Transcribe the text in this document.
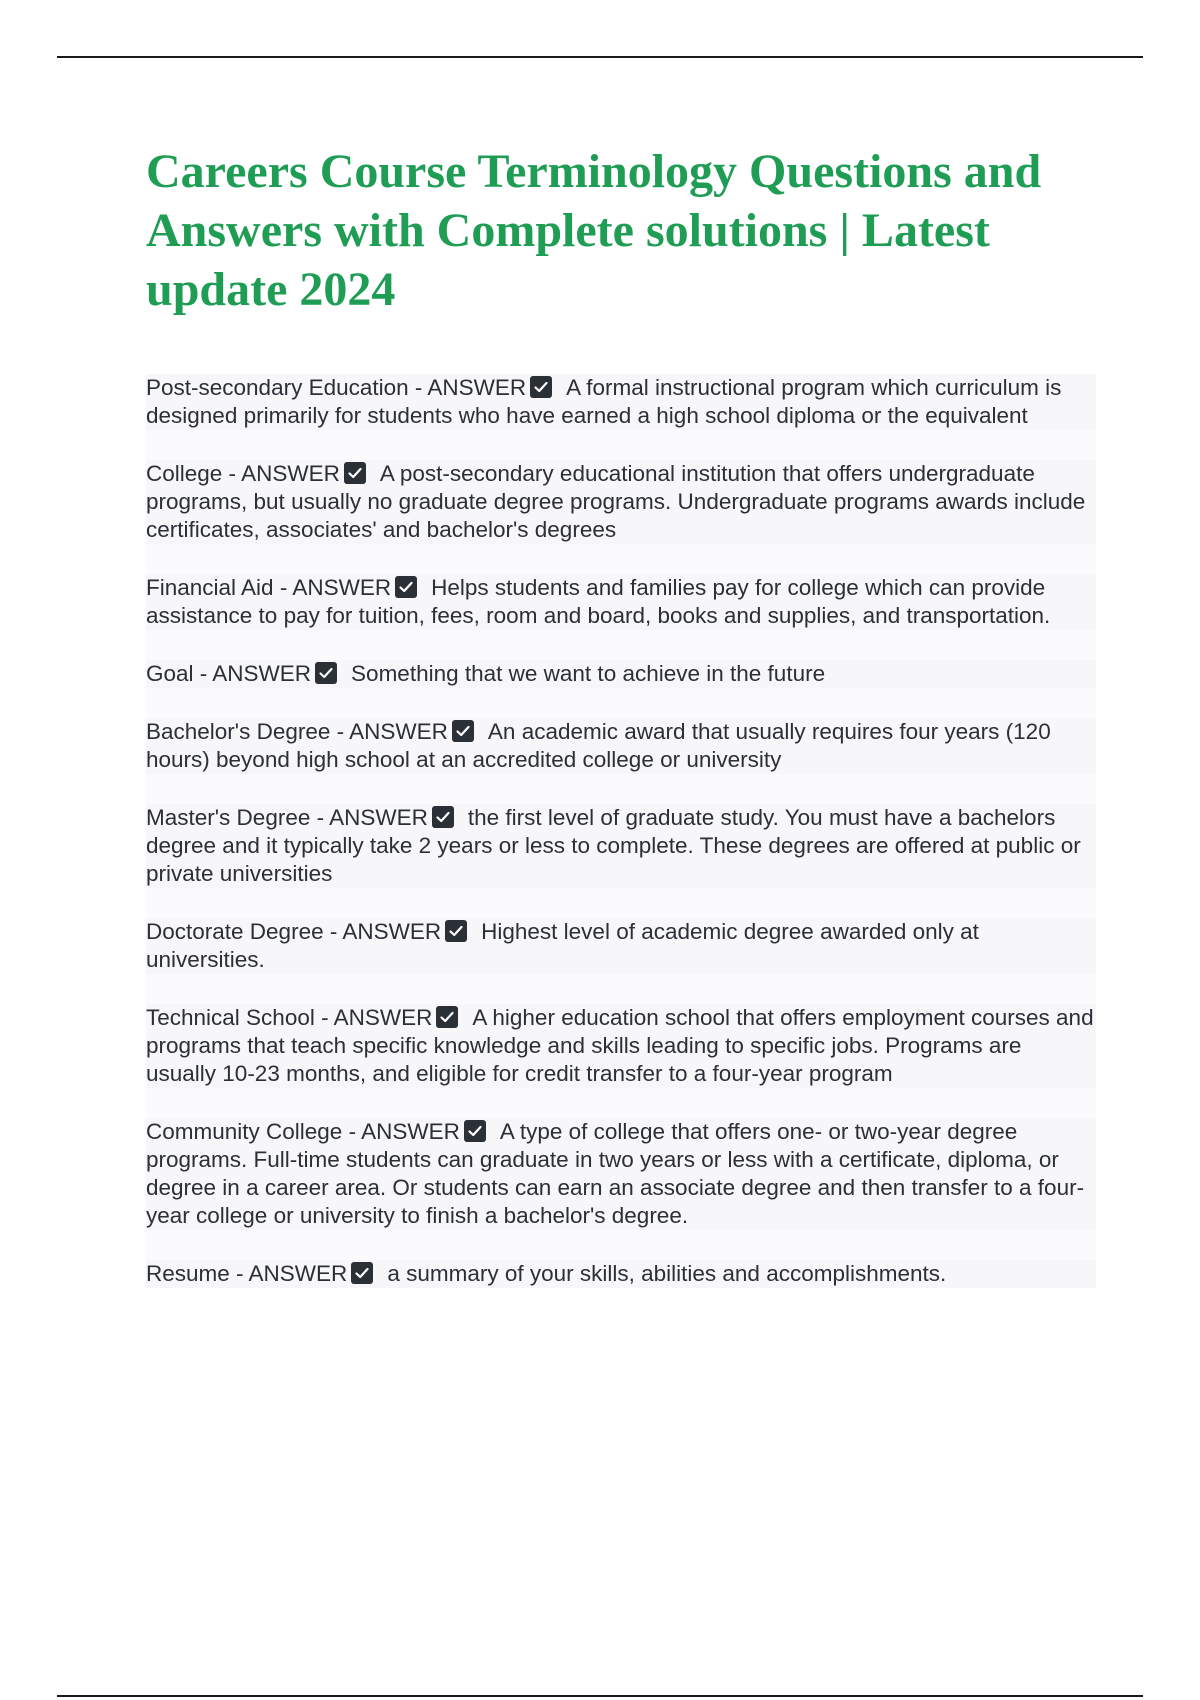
Careers Course Terminology Questions and Answers with Complete solutions | Latest update 2024

Post-secondary Education - ANSWER A formal instructional program which curriculum is designed primarily for students who have earned a high school diploma or the equivalent

College - ANSWER A post-secondary educational institution that offers undergraduate programs, but usually no graduate degree programs. Undergraduate programs awards include certificates, associates' and bachelor's degrees

Financial Aid - ANSWER Helps students and families pay for college which can provide assistance to pay for tuition, fees, room and board, books and supplies, and transportation.

Goal - ANSWER Something that we want to achieve in the future

Bachelor's Degree - ANSWER An academic award that usually requires four years (120 hours) beyond high school at an accredited college or university

Master's Degree - ANSWER the first level of graduate study. You must have a bachelors degree and it typically take 2 years or less to complete. These degrees are offered at public or private universities

Doctorate Degree - ANSWER Highest level of academic degree awarded only at universities.

Technical School - ANSWER A higher education school that offers employment courses and programs that teach specific knowledge and skills leading to specific jobs. Programs are usually 10-23 months, and eligible for credit transfer to a four-year program

Community College - ANSWER A type of college that offers one- or two-year degree programs. Full-time students can graduate in two years or less with a certificate, diploma, or degree in a career area. Or students can earn an associate degree and then transfer to a four-year college or university to finish a bachelor's degree.

Resume - ANSWER a summary of your skills, abilities and accomplishments.
